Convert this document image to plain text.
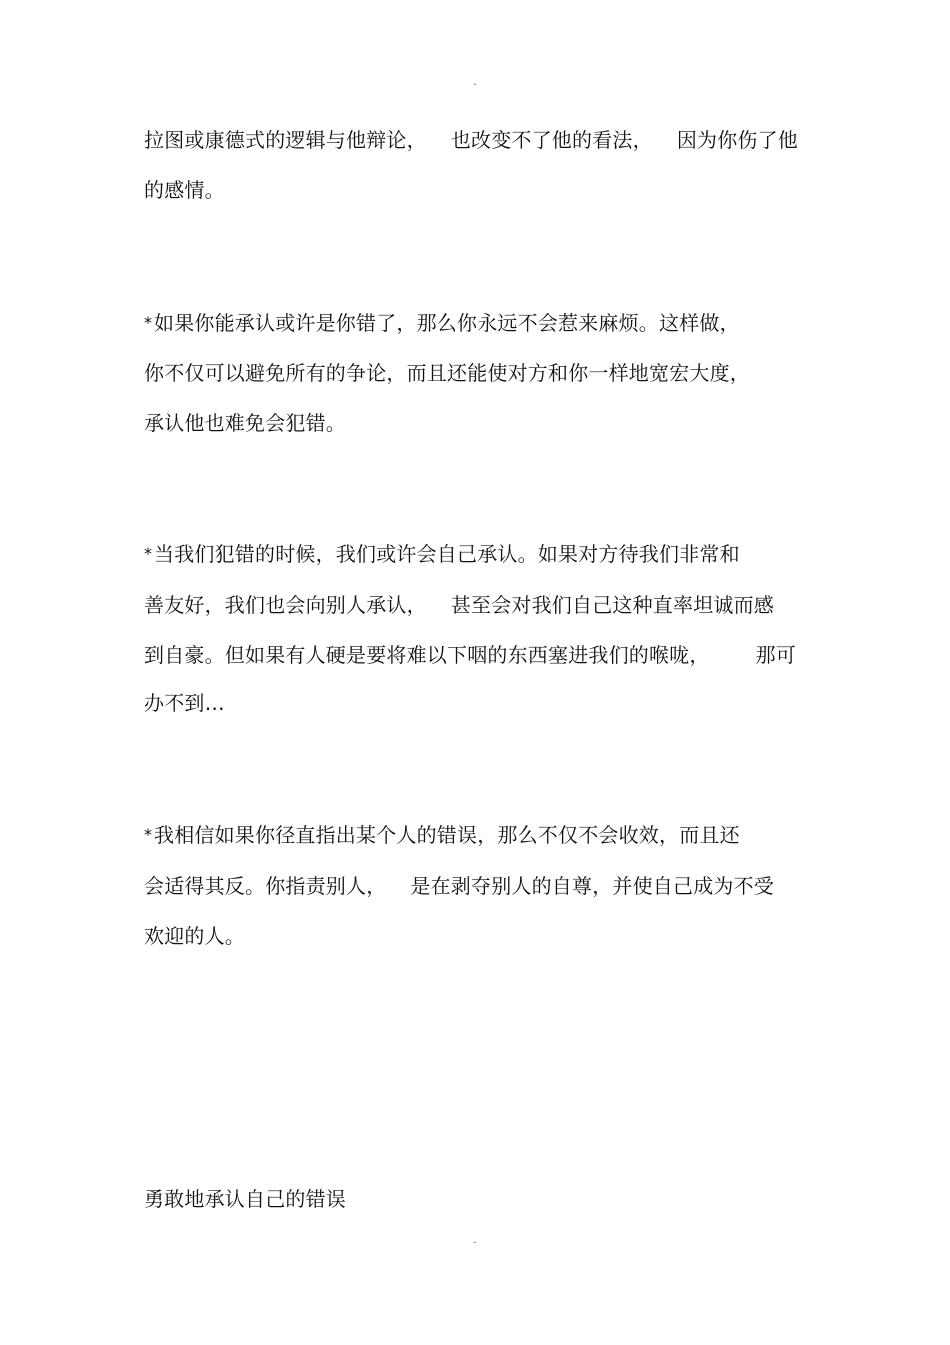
.
拉图或康德式的逻辑与他辩论， 也改变不了他的看法， 因为你伤了他
的感情。
*如果你能承认或许是你错了，那么你永远不会惹来麻烦。这样做，
你不仅可以避免所有的争论，而且还能使对方和你一样地宽宏大度，
承认他也难免会犯错。
*当我们犯错的时候，我们或许会自己承认。如果对方待我们非常和
善友好，我们也会向别人承认， 甚至会对我们自己这种直率坦诚而感
到自豪。但如果有人硬是要将难以下咽的东西塞进我们的喉咙， 那可
办不到…
*我相信如果你径直指出某个人的错误，那么不仅不会收效，而且还
会适得其反。你指责别人， 是在剥夺别人的自尊，并使自己成为不受
欢迎的人。
勇敢地承认自己的错误
.
